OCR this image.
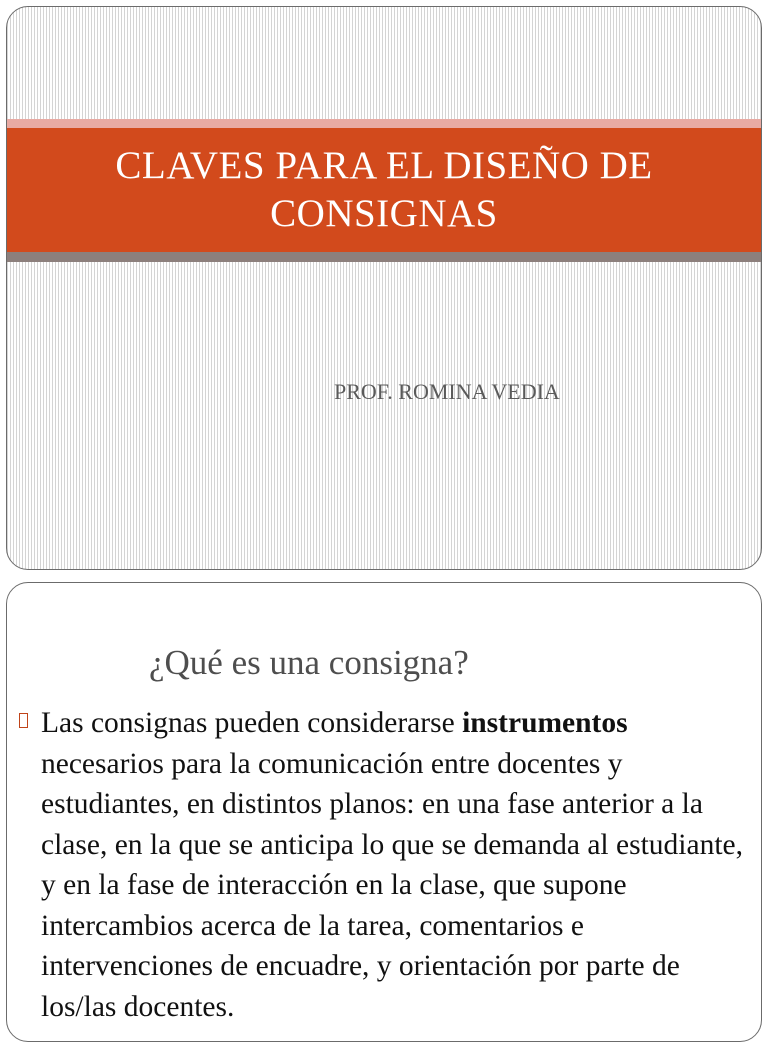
CLAVES PARA EL DISEÑO DE
CONSIGNAS
PROF. ROMINA VEDIA
¿Qué es una consigna?
Las consignas pueden considerarse instrumentos necesarios para la comunicación entre docentes y estudiantes, en distintos planos: en una fase anterior a la clase, en la que se anticipa lo que se demanda al estudiante, y en la fase de interacción en la clase, que supone intercambios acerca de la tarea, comentarios e intervenciones de encuadre, y orientación por parte de los/las docentes.
